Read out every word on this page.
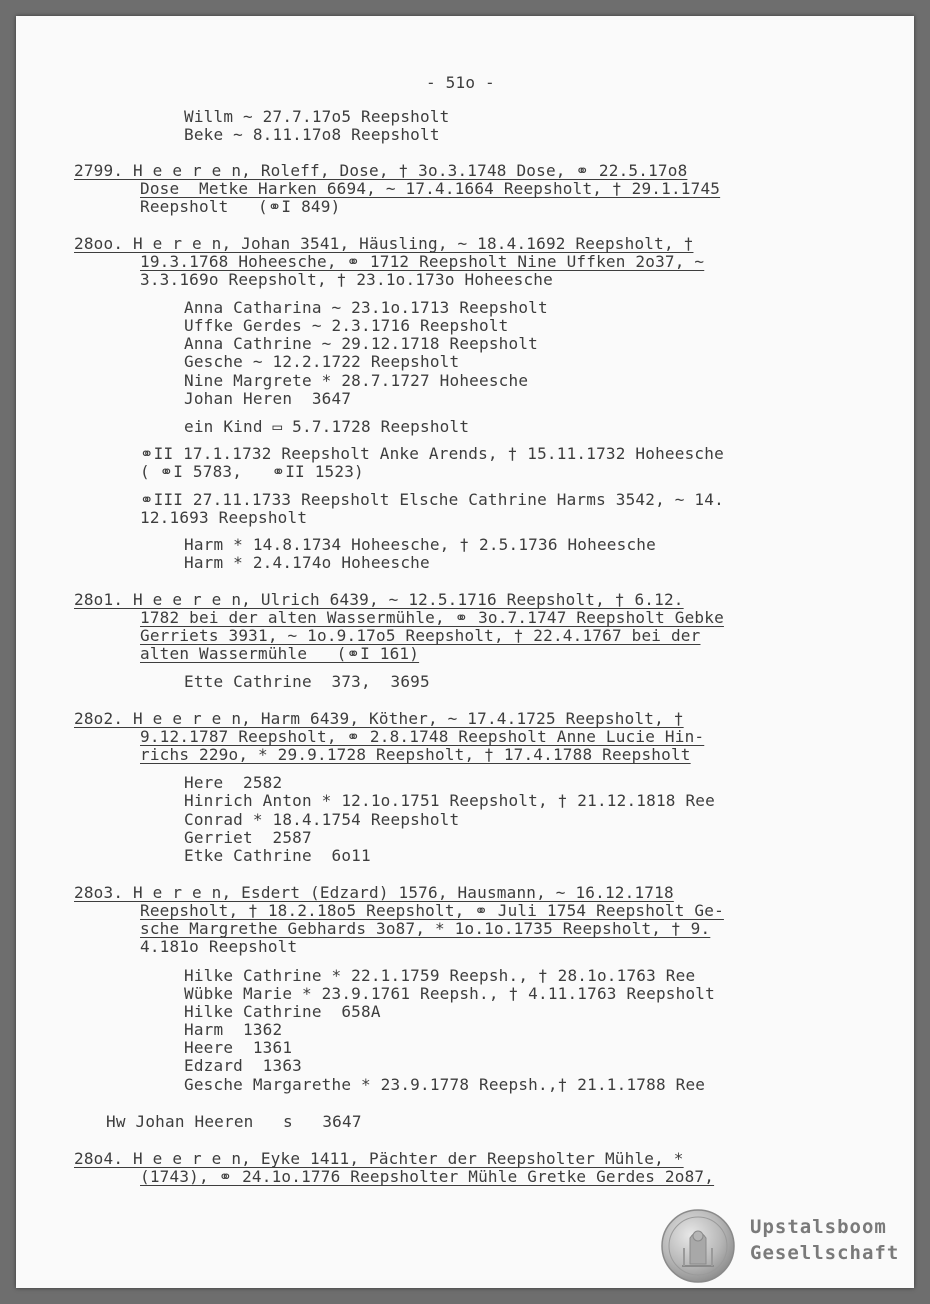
- 51o -
Willm ~ 27.7.17o5 Reepsholt
Beke ~ 8.11.17o8 Reepsholt
2799. H e e r e n, Roleff, Dose, † 3o.3.1748 Dose, ⚭ 22.5.17o8
Dose  Metke Harken 6694, ~ 17.4.1664 Reepsholt, † 29.1.1745
Reepsholt   (⚭I 849)
28oo. H e r e n, Johan 3541, Häusling, ~ 18.4.1692 Reepsholt, †
19.3.1768 Hoheesche, ⚭ 1712 Reepsholt Nine Uffken 2o37, ~
3.3.169o Reepsholt, † 23.1o.173o Hoheesche
Anna Catharina ~ 23.1o.1713 Reepsholt
Uffke Gerdes ~ 2.3.1716 Reepsholt
Anna Cathrine ~ 29.12.1718 Reepsholt
Gesche ~ 12.2.1722 Reepsholt
Nine Margrete * 28.7.1727 Hoheesche
Johan Heren  3647
ein Kind ▭ 5.7.1728 Reepsholt
⚭II 17.1.1732 Reepsholt Anke Arends, † 15.11.1732 Hoheesche
( ⚭I 5783,   ⚭II 1523)
⚭III 27.11.1733 Reepsholt Elsche Cathrine Harms 3542, ~ 14.
12.1693 Reepsholt
Harm * 14.8.1734 Hoheesche, † 2.5.1736 Hoheesche
Harm * 2.4.174o Hoheesche
28o1. H e e r e n, Ulrich 6439, ~ 12.5.1716 Reepsholt, † 6.12.
1782 bei der alten Wassermühle, ⚭ 3o.7.1747 Reepsholt Gebke
Gerriets 3931, ~ 1o.9.17o5 Reepsholt, † 22.4.1767 bei der
alten Wassermühle   (⚭I 161)
Ette Cathrine  373,  3695
28o2. H e e r e n, Harm 6439, Köther, ~ 17.4.1725 Reepsholt, †
9.12.1787 Reepsholt, ⚭ 2.8.1748 Reepsholt Anne Lucie Hin-
richs 229o, * 29.9.1728 Reepsholt, † 17.4.1788 Reepsholt
Here  2582
Hinrich Anton * 12.1o.1751 Reepsholt, † 21.12.1818 Ree
Conrad * 18.4.1754 Reepsholt
Gerriet  2587
Etke Cathrine  6o11
28o3. H e r e n, Esdert (Edzard) 1576, Hausmann, ~ 16.12.1718
Reepsholt, † 18.2.18o5 Reepsholt, ⚭ Juli 1754 Reepsholt Ge-
sche Margrethe Gebhards 3o87, * 1o.1o.1735 Reepsholt, † 9.
4.181o Reepsholt
Hilke Cathrine * 22.1.1759 Reepsh., † 28.1o.1763 Ree
Wübke Marie * 23.9.1761 Reepsh., † 4.11.1763 Reepsholt
Hilke Cathrine  658A
Harm  1362
Heere  1361
Edzard  1363
Gesche Margarethe * 23.9.1778 Reepsh.,† 21.1.1788 Ree
Hw Johan Heeren   s   3647
28o4. H e e r e n, Eyke 1411, Pächter der Reepsholter Mühle, *
(1743), ⚭ 24.1o.1776 Reepsholter Mühle Gretke Gerdes 2o87,
Upstalsboom
Gesellschaft
